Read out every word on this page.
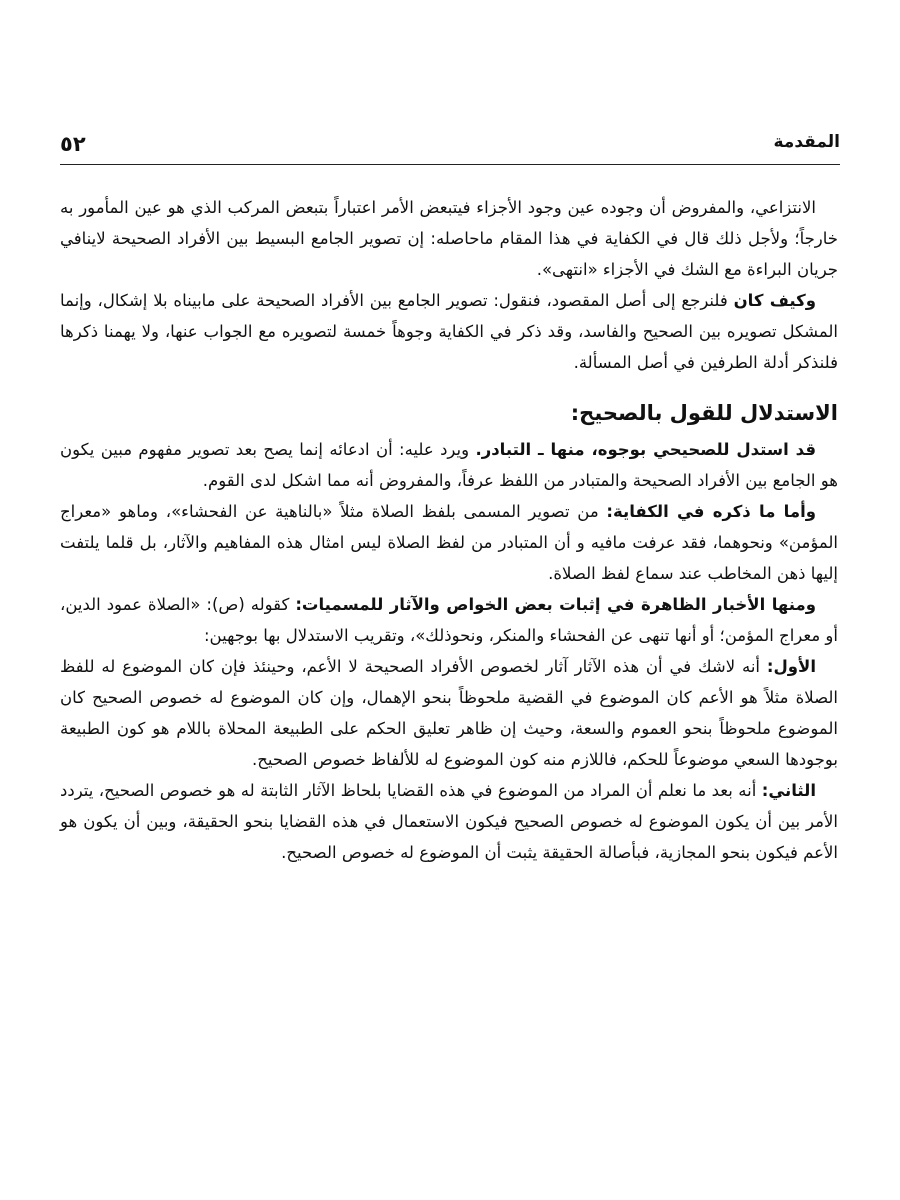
٥٢	المقدمة

الانتزاعي، والمفروض أن وجوده عين وجود الأجزاء فيتبعض الأمر اعتباراً بتبعض المركب الذي هو عين المأمور به خارجاً؛ ولأجل ذلك قال في الكفاية في هذا المقام ماحاصله: إن تصوير الجامع البسيط بين الأفراد الصحيحة لاينافي جريان البراءة مع الشك في الأجزاء «انتهى».

وكيف كان فلنرجع إلى أصل المقصود، فنقول: تصوير الجامع بين الأفراد الصحيحة على مابيناه بلا إشكال، وإنما المشكل تصويره بين الصحيح والفاسد، وقد ذكر في الكفاية وجوهاً خمسة لتصويره مع الجواب عنها، ولا يهمنا ذكرها فلنذكر أدلة الطرفين في أصل المسألة.

الاستدلال للقول بالصحيح:

قد استدل للصحيحي بوجوه، منها ـ التبادر. ويرد عليه: أن ادعائه إنما يصح بعد تصوير مفهوم مبين يكون هو الجامع بين الأفراد الصحيحة والمتبادر من اللفظ عرفاً، والمفروض أنه مما اشكل لدى القوم.

وأما ما ذكره في الكفاية: من تصوير المسمى بلفظ الصلاة مثلاً «بالناهية عن الفحشاء»، وماهو «معراج المؤمن» ونحوهما، فقد عرفت مافيه و أن المتبادر من لفظ الصلاة ليس امثال هذه المفاهيم والآثار، بل قلما يلتفت إليها ذهن المخاطب عند سماع لفظ الصلاة.

ومنها الأخبار الظاهرة في إثبات بعض الخواص والآثار للمسميات: كقوله (ص): «الصلاة عمود الدين، أو معراج المؤمن؛ أو أنها تنهى عن الفحشاء والمنكر، ونحوذلك»، وتقريب الاستدلال بها بوجهين:

الأول: أنه لاشك في أن هذه الآثار آثار لخصوص الأفراد الصحيحة لا الأعم، وحينئذ فإن كان الموضوع له للفظ الصلاة مثلاً هو الأعم كان الموضوع في القضية ملحوظاً بنحو الإهمال، وإن كان الموضوع له خصوص الصحيح كان الموضوع ملحوظاً بنحو العموم والسعة، وحيث إن ظاهر تعليق الحكم على الطبيعة المحلاة باللام هو كون الطبيعة بوجودها السعي موضوعاً للحكم، فاللازم منه كون الموضوع له للألفاظ خصوص الصحيح.

الثاني: أنه بعد ما نعلم أن المراد من الموضوع في هذه القضايا بلحاظ الآثار الثابتة له هو خصوص الصحيح، يتردد الأمر بين أن يكون الموضوع له خصوص الصحيح فيكون الاستعمال في هذه القضايا بنحو الحقيقة، وبين أن يكون هو الأعم فيكون بنحو المجازية، فبأصالة الحقيقة يثبت أن الموضوع له خصوص الصحيح.
